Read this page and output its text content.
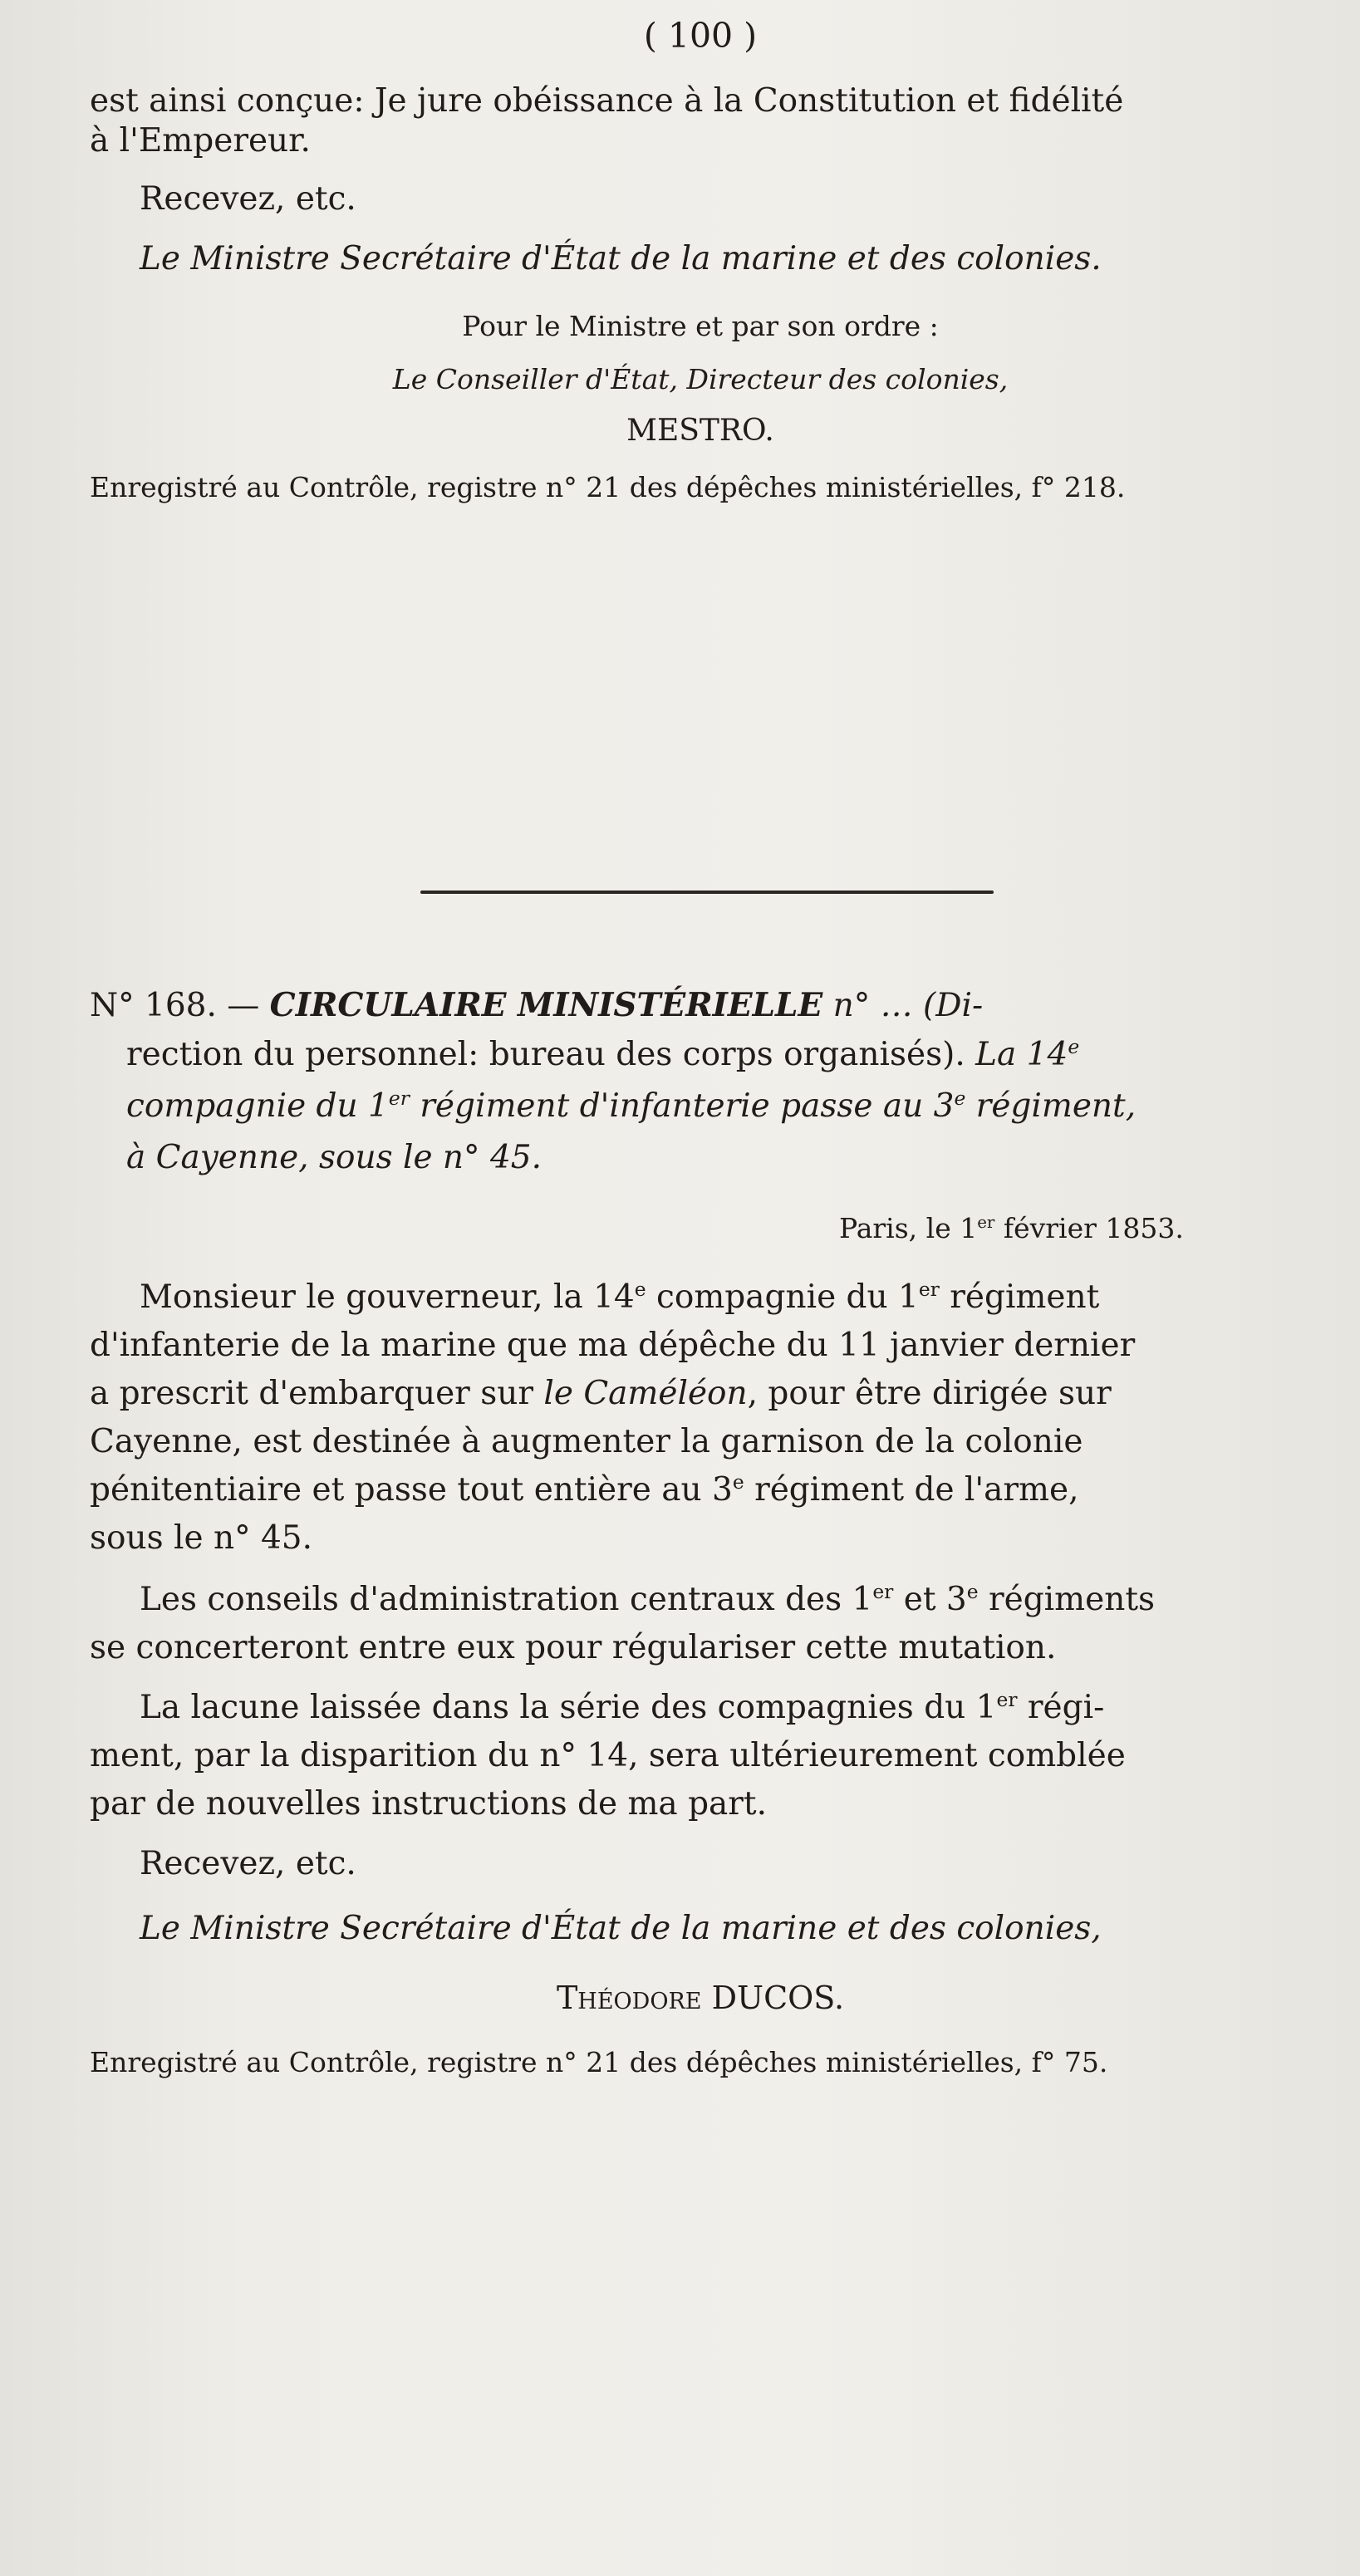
( 100 )
est ainsi conçue: Je jure obéissance à la Constitution et fidélité
à l'Empereur.
Recevez, etc.
Le Ministre Secrétaire d'État de la marine et des colonies.
Pour le Ministre et par son ordre :
Le Conseiller d'État, Directeur des colonies,
MESTRO.
Enregistré au Contrôle, registre n° 21 des dépêches ministérielles, f° 218.
N° 168. — CIRCULAIRE MINISTÉRIELLE n° … (Di-
rection du personnel: bureau des corps organisés). La 14e
compagnie du 1er régiment d'infanterie passe au 3e régiment,
à Cayenne, sous le n° 45.
Paris, le 1er février 1853.
Monsieur le gouverneur, la 14e compagnie du 1er régiment
d'infanterie de la marine que ma dépêche du 11 janvier dernier
a prescrit d'embarquer sur le Caméléon, pour être dirigée sur
Cayenne, est destinée à augmenter la garnison de la colonie
pénitentiaire et passe tout entière au 3e régiment de l'arme,
sous le n° 45.
Les conseils d'administration centraux des 1er et 3e régiments
se concerteront entre eux pour régulariser cette mutation.
La lacune laissée dans la série des compagnies du 1er régi-
ment, par la disparition du n° 14, sera ultérieurement comblée
par de nouvelles instructions de ma part.
Recevez, etc.
Le Ministre Secrétaire d'État de la marine et des colonies,
Théodore DUCOS.
Enregistré au Contrôle, registre n° 21 des dépêches ministérielles, f° 75.
